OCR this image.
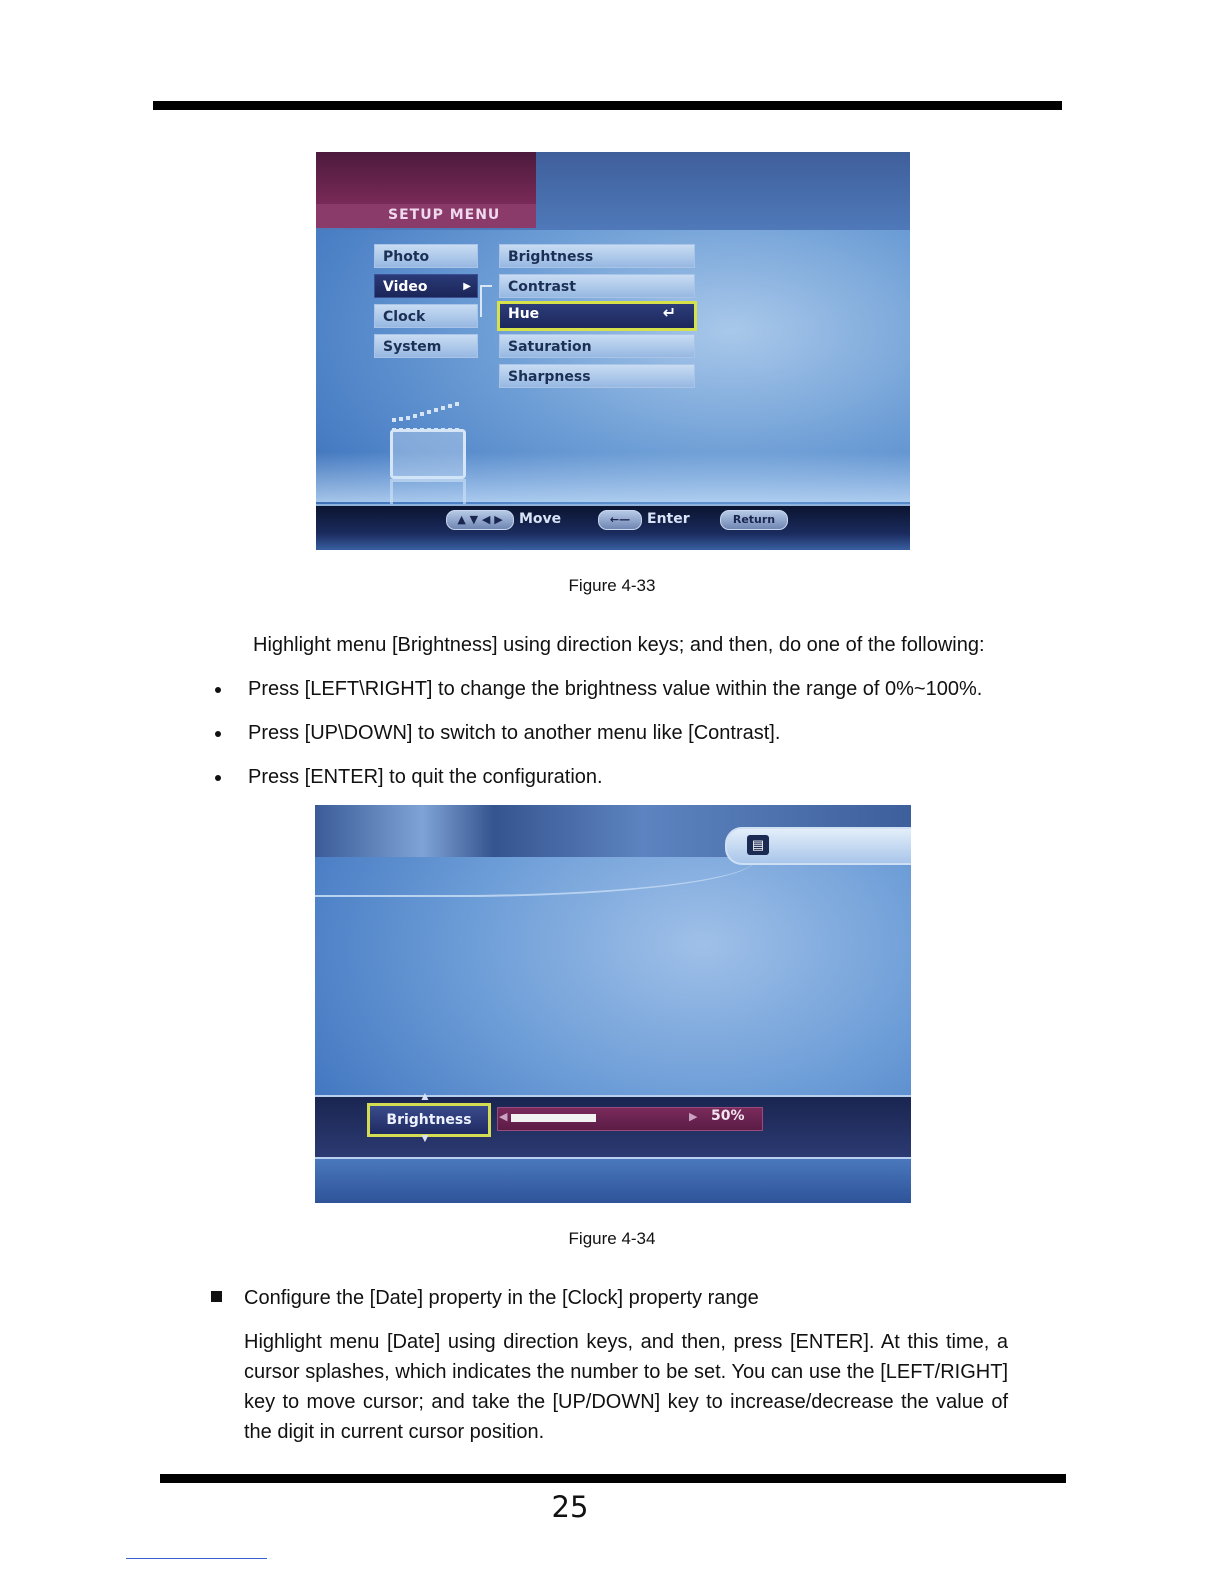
SETUP MENU
Photo
Video	▶
Clock
System
Brightness
Contrast
Hue	↵
Saturation
Sharpness
▲ ▼ ◀ ▶	Move	←—	Enter	Return
Figure 4-33
Highlight menu [Brightness] using direction keys; and then, do one of the following:
Press [LEFT\RIGHT] to change the brightness value within the range of 0%~100%.
Press [UP\DOWN] to switch to another menu like [Contrast].
Press [ENTER] to quit the configuration.
▤
▲
Brightness
▼
◀	▶ 50%
Figure 4-34
Configure the [Date] property in the [Clock] property range
Highlight menu [Date] using direction keys, and then, press [ENTER]. At this time, a cursor splashes, which indicates the number to be set. You can use the [LEFT/RIGHT] key to move cursor; and take the [UP/DOWN] key to increase/decrease the value of the digit in current cursor position.
25
